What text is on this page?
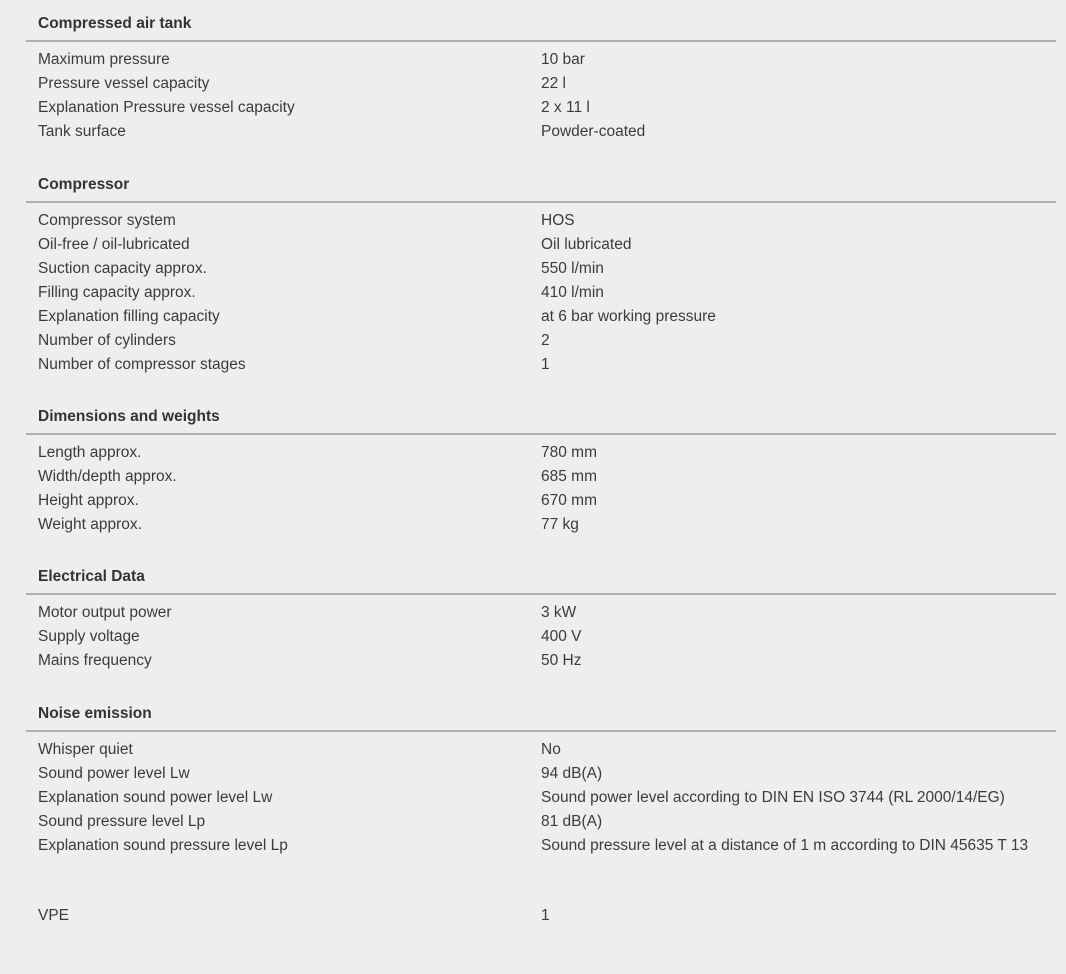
Compressed air tank
Maximum pressure	10 bar
Pressure vessel capacity	22 l
Explanation Pressure vessel capacity	2 x 11 l
Tank surface	Powder-coated
Compressor
Compressor system	HOS
Oil-free / oil-lubricated	Oil lubricated
Suction capacity approx.	550 l/min
Filling capacity approx.	410 l/min
Explanation filling capacity	at 6 bar working pressure
Number of cylinders	2
Number of compressor stages	1
Dimensions and weights
Length approx.	780 mm
Width/depth approx.	685 mm
Height approx.	670 mm
Weight approx.	77 kg
Electrical Data
Motor output power	3 kW
Supply voltage	400 V
Mains frequency	50 Hz
Noise emission
Whisper quiet	No
Sound power level Lw	94 dB(A)
Explanation sound power level Lw	Sound power level according to DIN EN ISO 3744 (RL 2000/14/EG)
Sound pressure level Lp	81 dB(A)
Explanation sound pressure level Lp	Sound pressure level at a distance of 1 m according to DIN 45635 T 13
VPE	1
